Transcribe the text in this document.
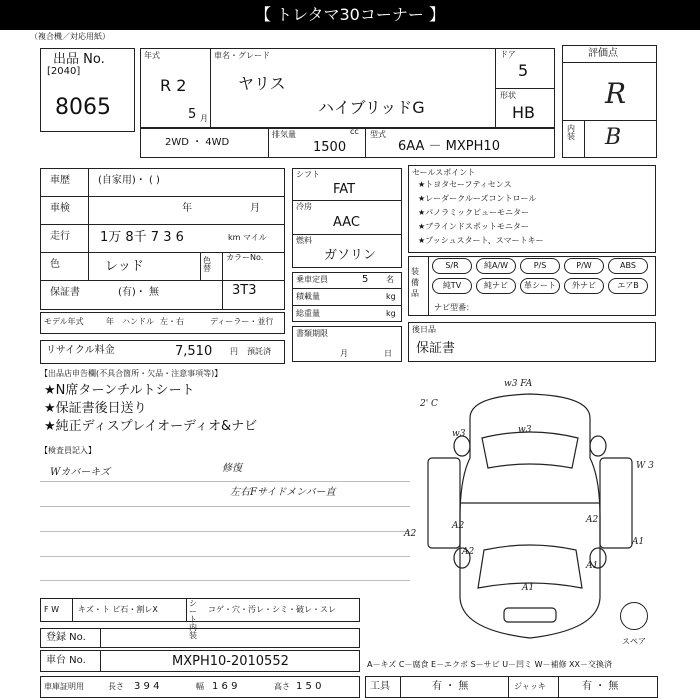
【 トレタマ30コーナー 】
（複合機／対応用紙）
出品 No.
[2040]
8065
年式
R 2
5 月
車名・グレード
ヤリス
ハイブリッドG
ドア
5
形状
HB
評価点
R
内装 B
2WD ・ 4WD
排気量	cc
1500
型式
6AA － MXPH10
車歴	(自家用)・ ( )
車検	年	月
走行 1万 8千 7 3 6	km マイル
色	レッド	色替
カラーNo.
3T3
保証書	(有)・ 無
モデル年式	年 ハンドル 左・右	ディーラー・並行
リサイクル料金	7,510 円 預託済
シフト
FAT
冷房
AAC
燃料
ガソリン
乗車定員	5 名
積載量	kg
総重量	kg
書類期限
月	日
セールスポイント
★トヨタセーフティセンス
★レーダークルーズコントロール
★パノラミックビューモニター
★ブラインドスポットモニター
★プッシュスタート、スマートキー
装備品
S/R	純A/W	P/S	P/W	ABS
純TV	純ナビ	革シート	外ナビ	エアB
ナビ型番：
後日品
保証書
【出品店申告欄(不具合箇所・欠品・注意事項等)】
★N席ターンチルトシート
★保証書後日送り
★純正ディスプレイオーディオ&ナビ
【検査員記入】
Wカバーキズ	修復
左右Fサイドメンバー直
F W キズ・ト ビ石・割レX
シート内装
コゲ・穴・汚レ・シミ・破レ・スレ
登録 No.
車台 No.	MXPH10-2010552
車庫証明用	長さ 3 9 4	幅 1 6 9	高さ 1 5 0
A－キズ C－腐食 E－エクボ S－サビ U－凹ミ W－補修 XX－交換済
工具	有 ・ 無	ジャッキ	有 ・ 無
スペア
w3 FA
w3
w3
2' C
W 3
A2
A2
A2
A2
A1
A1
A1
